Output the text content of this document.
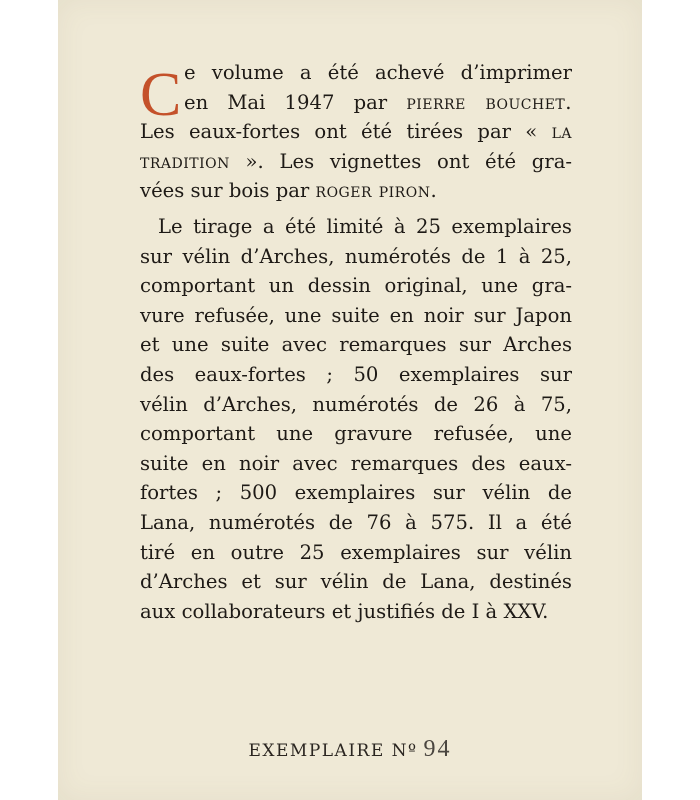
C e volume a été achevé d’imprimer
en Mai 1947 par pierre bouchet.
Les eaux-fortes ont été tirées par « la
tradition ». Les vignettes ont été gra-
vées sur bois par roger piron.
Le tirage a été limité à 25 exemplaires
sur vélin d’Arches, numérotés de 1 à 25,
comportant un dessin original, une gra-
vure refusée, une suite en noir sur Japon
et une suite avec remarques sur Arches
des eaux-fortes ; 50 exemplaires sur
vélin d’Arches, numérotés de 26 à 75,
comportant une gravure refusée, une
suite en noir avec remarques des eaux-
fortes ; 500 exemplaires sur vélin de
Lana, numérotés de 76 à 575. Il a été
tiré en outre 25 exemplaires sur vélin
d’Arches et sur vélin de Lana, destinés
aux collaborateurs et justifiés de I à XXV.
EXEMPLAIRE Nº 94
